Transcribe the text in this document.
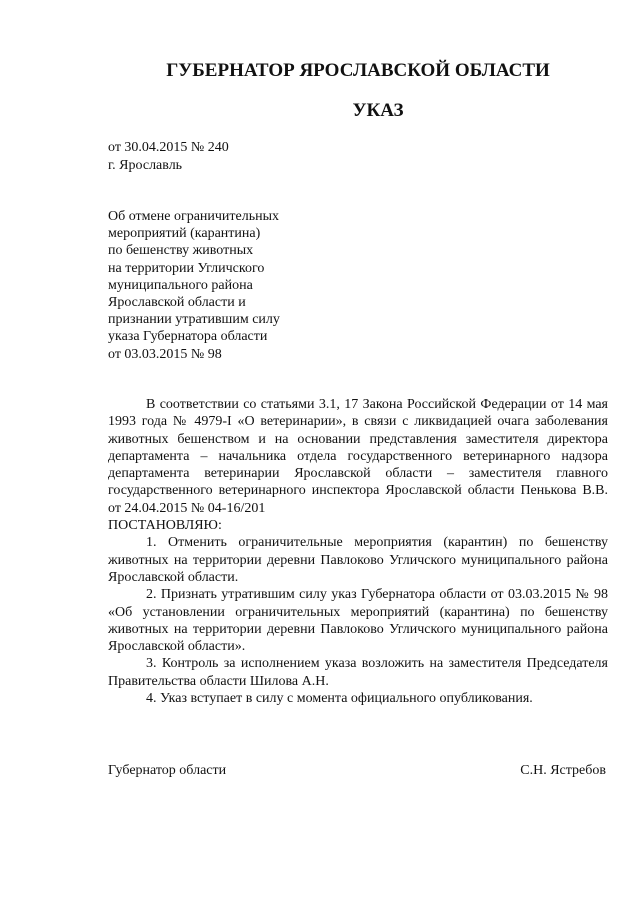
ГУБЕРНАТОР ЯРОСЛАВСКОЙ ОБЛАСТИ
УКАЗ
от 30.04.2015 № 240
г. Ярославль
Об отмене ограничительных
мероприятий (карантина)
по бешенству животных
на территории Угличского
муниципального района
Ярославской области и
признании утратившим силу
указа Губернатора области
от 03.03.2015 № 98

В соответствии со статьями 3.1, 17 Закона Российской Федерации от 14 мая 1993 года № 4979-I «О ветеринарии», в связи с ликвидацией очага заболевания животных бешенством и на основании представления заместителя директора департамента – начальника отдела государственного ветеринарного надзора департамента ветеринарии Ярославской области – заместителя главного государственного ветеринарного инспектора Ярославской области Пенькова В.В. от 24.04.2015 № 04-16/201

ПОСТАНОВЛЯЮ:

1. Отменить ограничительные мероприятия (карантин) по бешенству животных на территории деревни Павлоково Угличского муниципального района Ярославской области.

2. Признать утратившим силу указ Губернатора области от 03.03.2015 № 98 «Об установлении ограничительных мероприятий (карантина) по бешенству животных на территории деревни Павлоково Угличского муниципального района Ярославской области».

3. Контроль за исполнением указа возложить на заместителя Председателя Правительства области Шилова А.Н.

4. Указ вступает в силу с момента официального опубликования.

Губернатор области	С.Н. Ястребов
